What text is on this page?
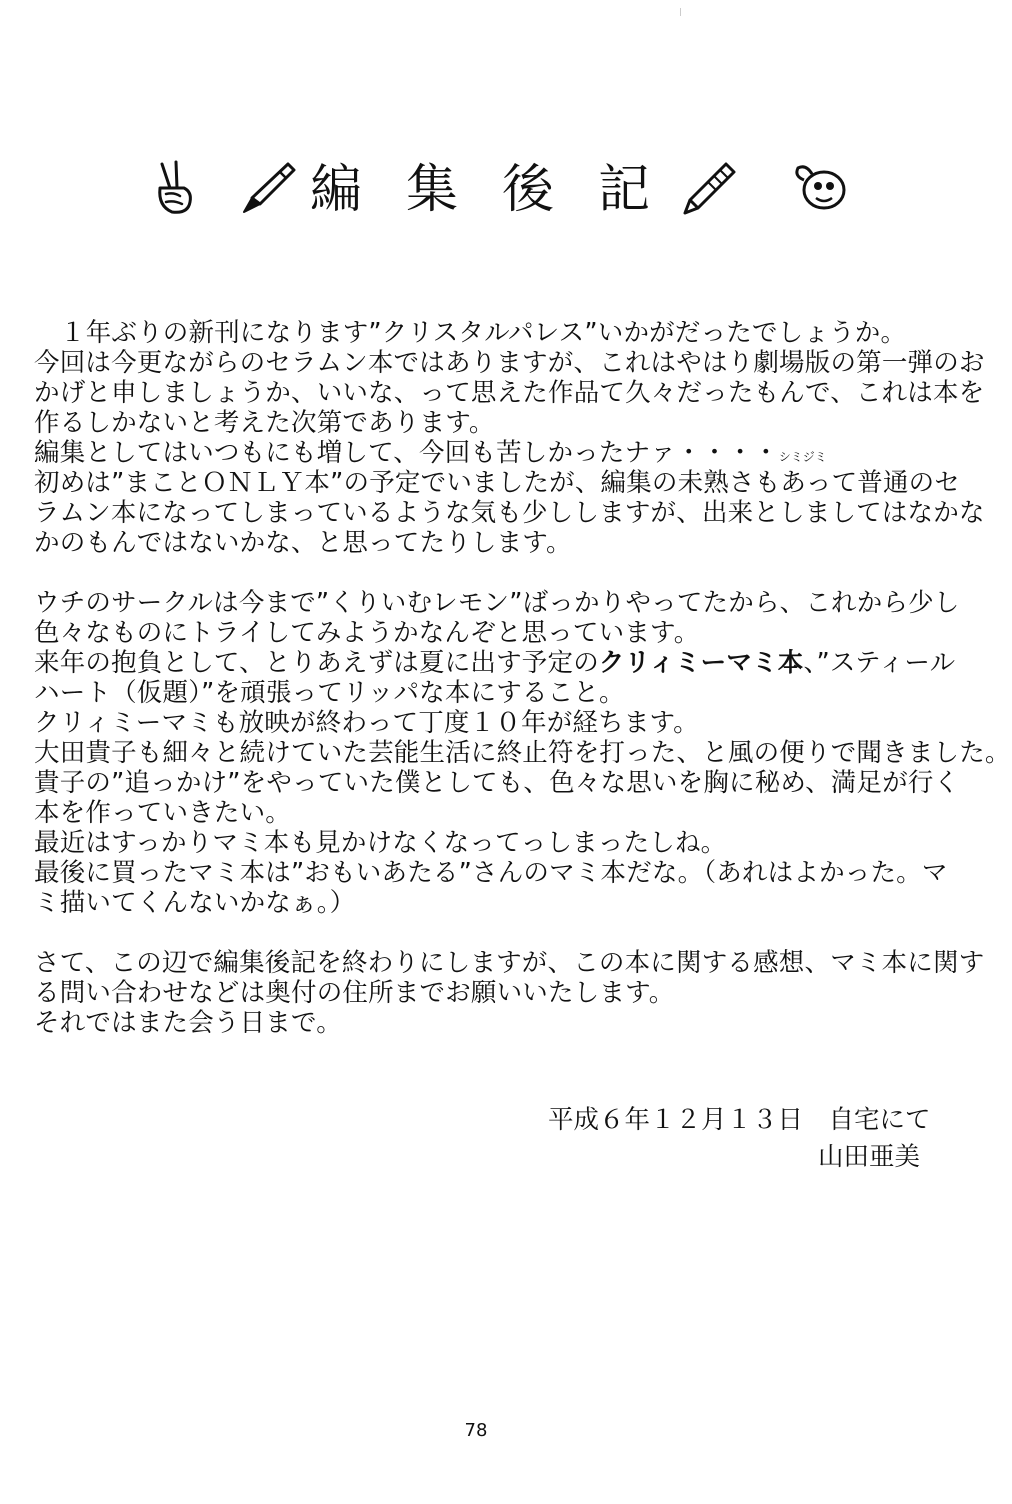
編集後記
１年ぶりの新刊になります”クリスタルパレス”いかがだったでしょうか。
今回は今更ながらのセラムン本ではありますが、これはやはり劇場版の第一弾のお
かげと申しましょうか、いいな、って思えた作品て久々だったもんで、これは本を
作るしかないと考えた次第であります。
編集としてはいつもにも増して、今回も苦しかったナァ・・・・シミジミ
初めは”まことＯＮＬＹ本”の予定でいましたが、編集の未熟さもあって普通のセ
ラムン本になってしまっているような気も少ししますが、出来としましてはなかな
かのもんではないかな、と思ってたりします。
ウチのサークルは今まで”くりいむレモン”ばっかりやってたから、これから少し
色々なものにトライしてみようかなんぞと思っています。
来年の抱負として、とりあえずは夏に出す予定のクリィミーマミ本、”スティール
ハート（仮題）”を頑張ってリッパな本にすること。
クリィミーマミも放映が終わって丁度１０年が経ちます。
大田貴子も細々と続けていた芸能生活に終止符を打った、と風の便りで聞きました。
貴子の”追っかけ”をやっていた僕としても、色々な思いを胸に秘め、満足が行く
本を作っていきたい。
最近はすっかりマミ本も見かけなくなってっしまったしね。
最後に買ったマミ本は”おもいあたる”さんのマミ本だな。（あれはよかった。マ
ミ描いてくんないかなぁ。）
さて、この辺で編集後記を終わりにしますが、この本に関する感想、マミ本に関す
る問い合わせなどは奥付の住所までお願いいたします。
それではまた会う日まで。
平成６年１２月１３日　自宅にて
山田亜美
78
